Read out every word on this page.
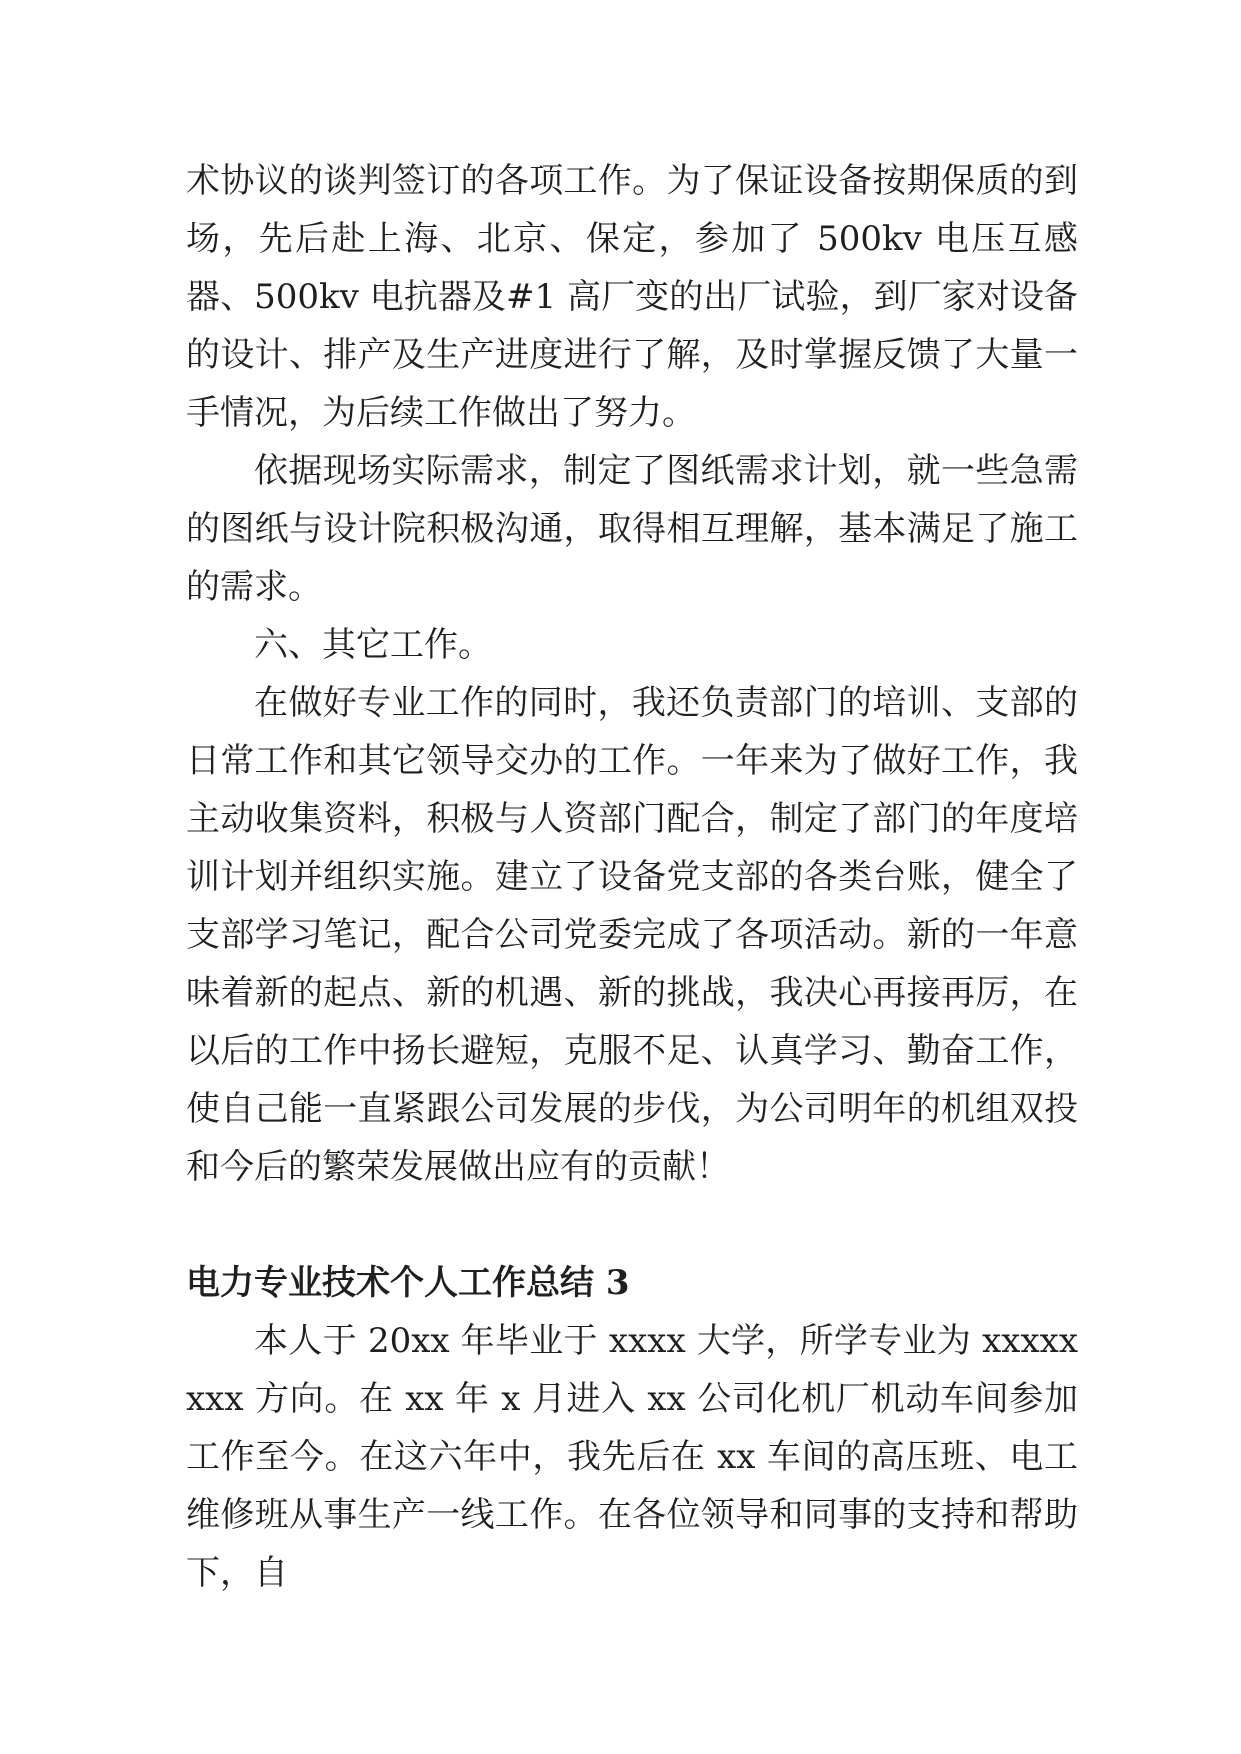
术协议的谈判签订的各项工作。为了保证设备按期保质的到场，先后赴上海、北京、保定，参加了 500kv 电压互感器、500kv 电抗器及#1 高厂变的出厂试验，到厂家对设备的设计、排产及生产进度进行了解，及时掌握反馈了大量一手情况，为后续工作做出了努力。

依据现场实际需求，制定了图纸需求计划，就一些急需的图纸与设计院积极沟通，取得相互理解，基本满足了施工的需求。

六、其它工作。

在做好专业工作的同时，我还负责部门的培训、支部的日常工作和其它领导交办的工作。一年来为了做好工作，我主动收集资料，积极与人资部门配合，制定了部门的年度培训计划并组织实施。建立了设备党支部的各类台账，健全了支部学习笔记，配合公司党委完成了各项活动。新的一年意味着新的起点、新的机遇、新的挑战，我决心再接再厉，在以后的工作中扬长避短，克服不足、认真学习、勤奋工作，使自己能一直紧跟公司发展的步伐，为公司明年的机组双投和今后的繁荣发展做出应有的贡献！

电力专业技术个人工作总结 3

本人于 20xx 年毕业于 xxxx 大学，所学专业为 xxxxxxxx 方向。在 xx 年 x 月进入 xx 公司化机厂机动车间参加工作至今。在这六年中，我先后在 xx 车间的高压班、电工维修班从事生产一线工作。在各位领导和同事的支持和帮助下，自
